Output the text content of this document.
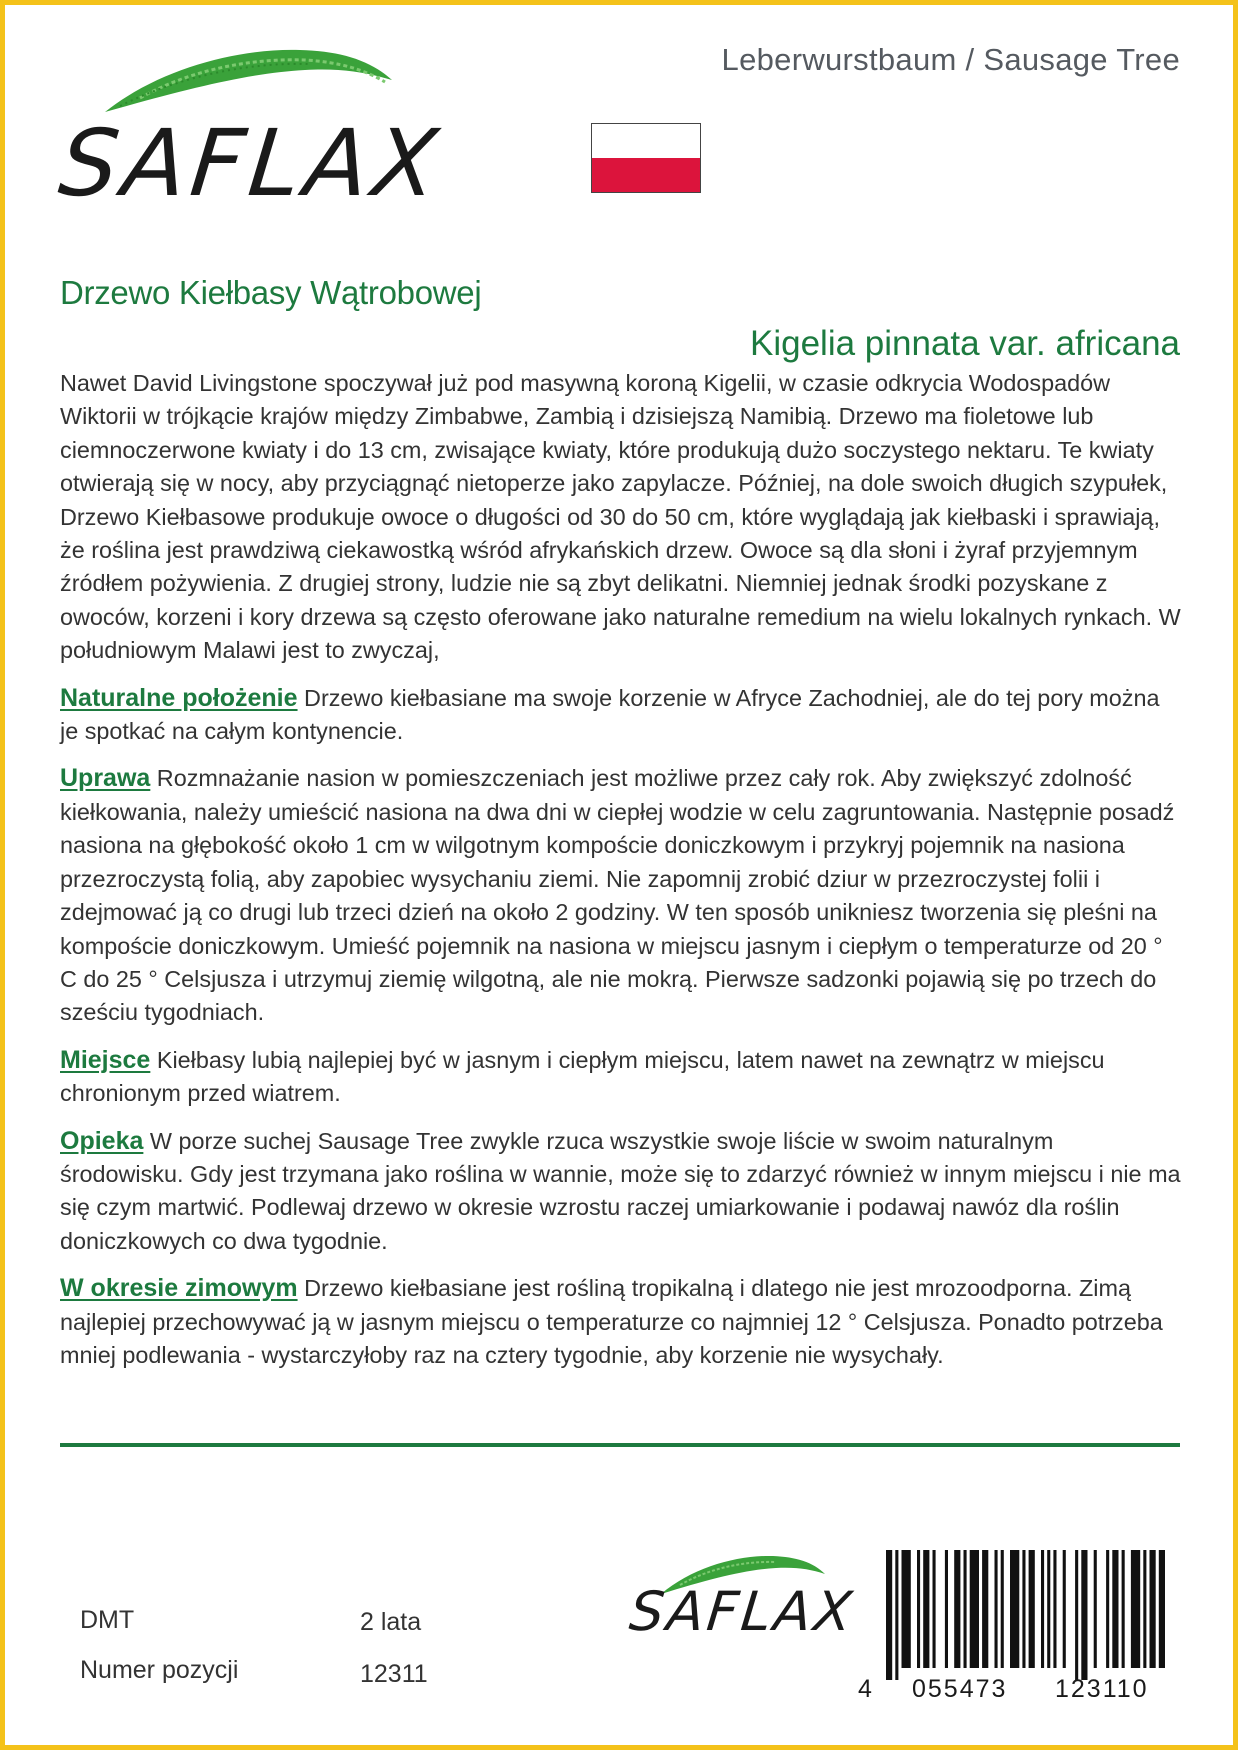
SAFLAX
Leberwurstbaum / Sausage Tree
Drzewo Kiełbasy Wątrobowej
Kigelia pinnata var. africana

Nawet David Livingstone spoczywał już pod masywną koroną Kigelii, w czasie odkrycia Wodospadów Wiktorii w trójkącie krajów między Zimbabwe, Zambią i dzisiejszą Namibią. Drzewo ma fioletowe lub ciemnoczerwone kwiaty i do 13 cm, zwisające kwiaty, które produkują dużo soczystego nektaru. Te kwiaty otwierają się w nocy, aby przyciągnąć nietoperze jako zapylacze. Później, na dole swoich długich szypułek, Drzewo Kiełbasowe produkuje owoce o długości od 30 do 50 cm, które wyglądają jak kiełbaski i sprawiają, że roślina jest prawdziwą ciekawostką wśród afrykańskich drzew. Owoce są dla słoni i żyraf przyjemnym źródłem pożywienia. Z drugiej strony, ludzie nie są zbyt delikatni. Niemniej jednak środki pozyskane z owoców, korzeni i kory drzewa są często oferowane jako naturalne remedium na wielu lokalnych rynkach. W południowym Malawi jest to zwyczaj,

Naturalne położenie Drzewo kiełbasiane ma swoje korzenie w Afryce Zachodniej, ale do tej pory można je spotkać na całym kontynencie.

Uprawa Rozmnażanie nasion w pomieszczeniach jest możliwe przez cały rok. Aby zwiększyć zdolność kiełkowania, należy umieścić nasiona na dwa dni w ciepłej wodzie w celu zagruntowania. Następnie posadź nasiona na głębokość około 1 cm w wilgotnym kompoście doniczkowym i przykryj pojemnik na nasiona przezroczystą folią, aby zapobiec wysychaniu ziemi. Nie zapomnij zrobić dziur w przezroczystej folii i zdejmować ją co drugi lub trzeci dzień na około 2 godziny. W ten sposób unikniesz tworzenia się pleśni na kompoście doniczkowym. Umieść pojemnik na nasiona w miejscu jasnym i ciepłym o temperaturze od 20 ° C do 25 ° Celsjusza i utrzymuj ziemię wilgotną, ale nie mokrą. Pierwsze sadzonki pojawią się po trzech do sześciu tygodniach.

Miejsce Kiełbasy lubią najlepiej być w jasnym i ciepłym miejscu, latem nawet na zewnątrz w miejscu chronionym przed wiatrem.

Opieka W porze suchej Sausage Tree zwykle rzuca wszystkie swoje liście w swoim naturalnym środowisku. Gdy jest trzymana jako roślina w wannie, może się to zdarzyć również w innym miejscu i nie ma się czym martwić. Podlewaj drzewo w okresie wzrostu raczej umiarkowanie i podawaj nawóz dla roślin doniczkowych co dwa tygodnie.

W okresie zimowym Drzewo kiełbasiane jest rośliną tropikalną i dlatego nie jest mrozoodporna. Zimą najlepiej przechowywać ją w jasnym miejscu o temperaturze co najmniej 12 ° Celsjusza. Ponadto potrzeba mniej podlewania - wystarczyłoby raz na cztery tygodnie, aby korzenie nie wysychały.

DMT	2 lata
Numer pozycji	12311
SAFLAX
4 055473 123110
